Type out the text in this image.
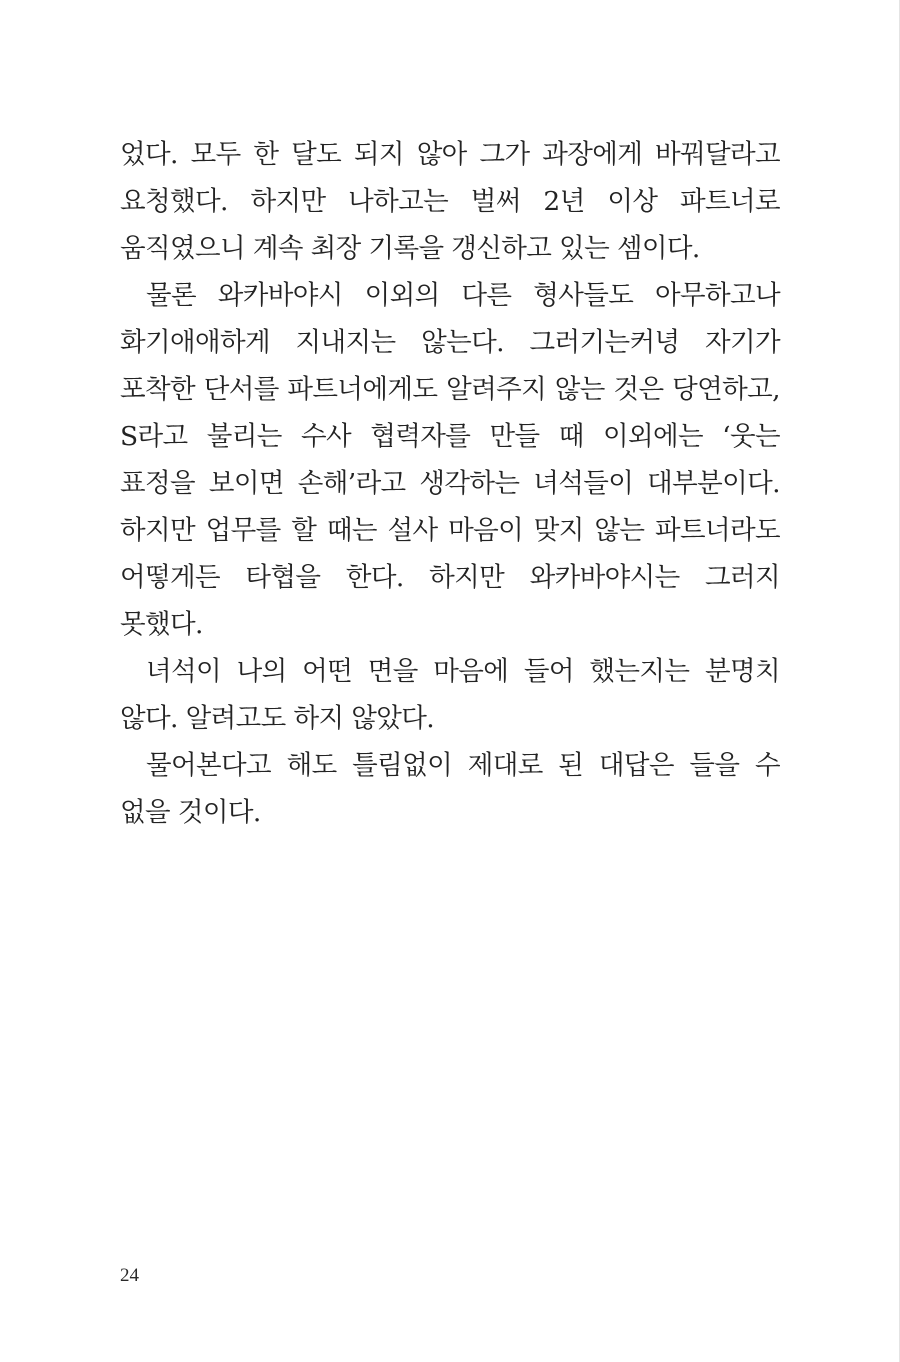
었다. 모두 한 달도 되지 않아 그가 과장에게 바꿔달라고 요청했다. 하지만 나하고는 벌써 2년 이상 파트너로 움직였으니 계속 최장 기록을 갱신하고 있는 셈이다.

물론 와카바야시 이외의 다른 형사들도 아무하고나 화기애애하게 지내지는 않는다. 그러기는커녕 자기가 포착한 단서를 파트너에게도 알려주지 않는 것은 당연하고, S라고 불리는 수사 협력자를 만들 때 이외에는 ‘웃는 표정을 보이면 손해’라고 생각하는 녀석들이 대부분이다. 하지만 업무를 할 때는 설사 마음이 맞지 않는 파트너라도 어떻게든 타협을 한다. 하지만 와카바야시는 그러지 못했다.

녀석이 나의 어떤 면을 마음에 들어 했는지는 분명치 않다. 알려고도 하지 않았다.

물어본다고 해도 틀림없이 제대로 된 대답은 들을 수 없을 것이다.

24
